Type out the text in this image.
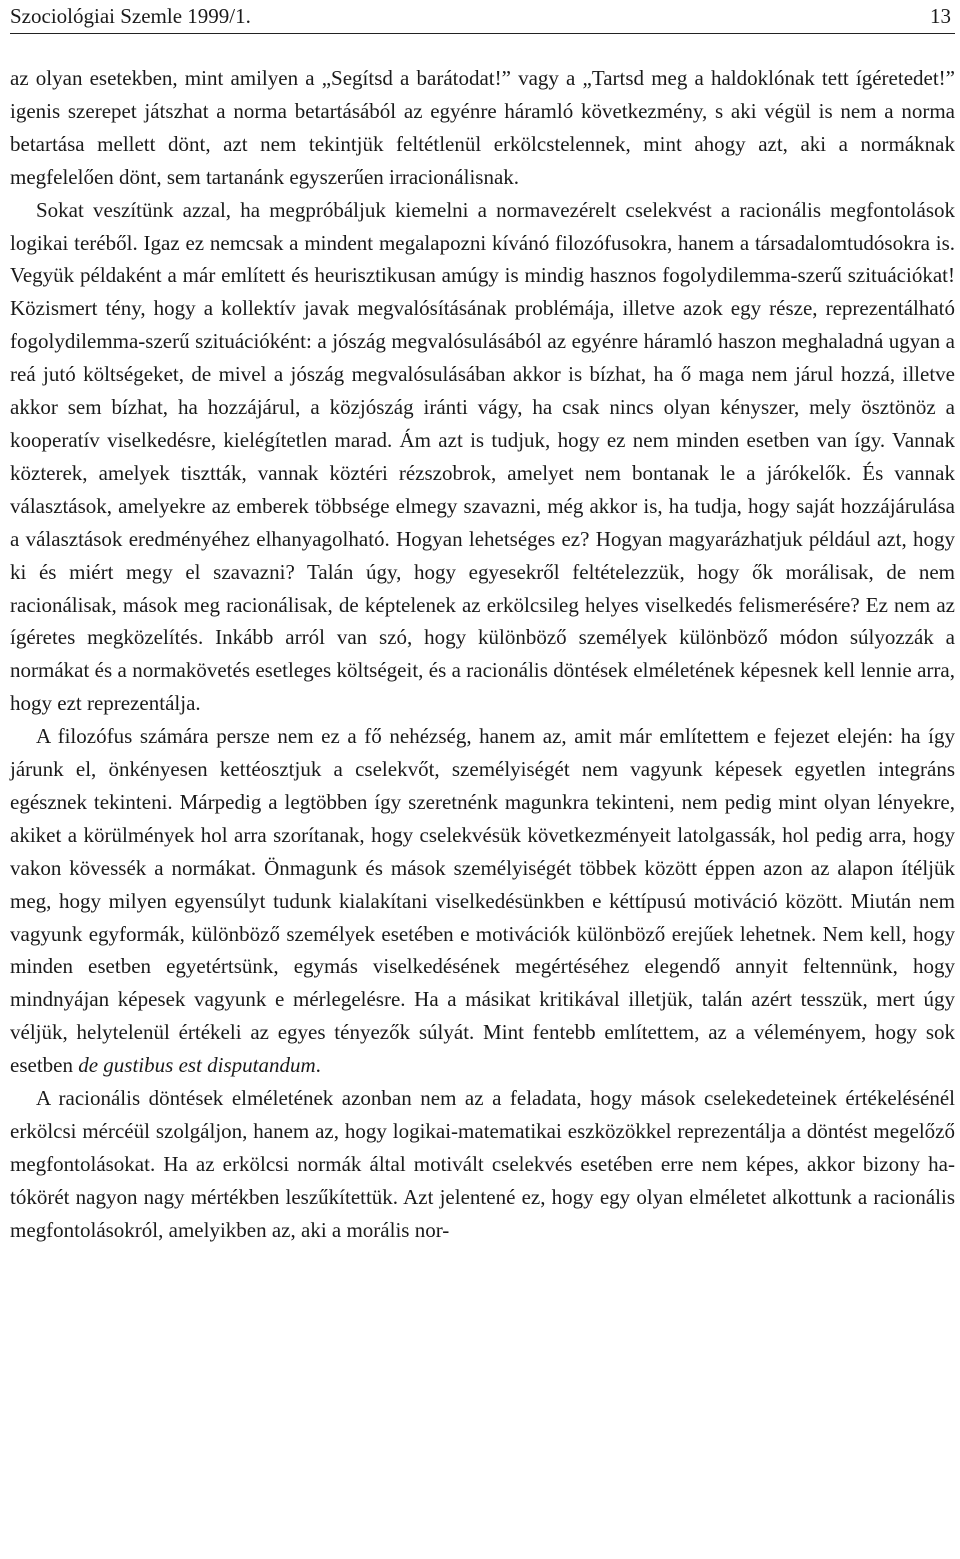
Szociológiai Szemle 1999/1.	13

az olyan esetekben, mint amilyen a „Segítsd a barátodat!” vagy a „Tartsd meg a haldoklónak tett ígéretedet!” igenis szerepet játszhat a norma betartásából az egyénre háramló következmény, s aki végül is nem a norma betartása mellett dönt, azt nem tekintjük feltétlenül erkölcstelennek, mint ahogy azt, aki a normáknak megfelelően dönt, sem tartanánk egyszerűen irracionálisnak.

Sokat veszítünk azzal, ha megpróbáljuk kiemelni a normavezérelt cselekvést a racionális megfontolások logikai teréből. Igaz ez nemcsak a mindent megalapozni kívánó filozófusokra, hanem a társadalomtudósokra is. Vegyük példaként a már említett és heurisztikusan amúgy is mindig hasznos fogolydilemma-szerű szituációkat! Közismert tény, hogy a kollektív javak megvalósításának problémája, illetve azok egy része, reprezentálható fogolydilemma-szerű szituációként: a jószág megvalósulásából az egyénre háramló haszon meghaladná ugyan a reá jutó költségeket, de mivel a jószág megvalósulásában akkor is bízhat, ha ő maga nem járul hozzá, illetve akkor sem bízhat, ha hozzájárul, a közjószág iránti vágy, ha csak nincs olyan kényszer, mely ösztönöz a kooperatív viselkedésre, kielégítetlen marad. Ám azt is tudjuk, hogy ez nem minden esetben van így. Vannak közterek, amelyek tisztták, vannak köztéri rézszobrok, amelyet nem bontanak le a járókelők. És vannak választások, amelyekre az emberek többsége elmegy szavazni, még akkor is, ha tudja, hogy saját hozzájárulása a választások eredményéhez elhanyagolható. Hogyan lehetséges ez? Hogyan magyarázhatjuk például azt, hogy ki és miért megy el szavazni? Talán úgy, hogy egyesekről feltételezzük, hogy ők morálisak, de nem racionálisak, mások meg racionálisak, de képtelenek az erkölcsileg helyes viselkedés felismerésére? Ez nem az ígéretes megközelítés. Inkább arról van szó, hogy különböző személyek különböző módon súlyozzák a normákat és a normakövetés esetleges költségeit, és a racionális döntések elméletének képesnek kell lennie arra, hogy ezt reprezentálja.

A filozófus számára persze nem ez a fő nehézség, hanem az, amit már említettem e fejezet elején: ha így járunk el, önkényesen kettéosztjuk a cselekvőt, személyiségét nem vagyunk képesek egyetlen integráns egésznek tekinteni. Márpedig a legtöbben így szeretnénk magunkra tekinteni, nem pedig mint olyan lényekre, akiket a körülmények hol arra szorítanak, hogy cselekvésük következményeit latolgassák, hol pedig arra, hogy vakon kövessék a normákat. Önmagunk és mások személyiségét többek között éppen azon az alapon ítéljük meg, hogy milyen egyensúlyt tudunk kialakítani viselkedésünkben e kéttípusú motiváció között. Miután nem vagyunk egyformák, különböző személyek esetében e motivációk különböző erejűek lehetnek. Nem kell, hogy minden esetben egyetértsünk, egymás viselkedésének megértéséhez elegendő annyit feltennünk, hogy mindnyájan képesek vagyunk e mérlegelésre. Ha a másikat kritikával illetjük, talán azért tesszük, mert úgy véljük, helytelenül értékeli az egyes tényezők súlyát. Mint fentebb említettem, az a véleményem, hogy sok esetben de gustibus est disputandum.

A racionális döntések elméletének azonban nem az a feladata, hogy mások cselekedeteinek értékelésénél erkölcsi mércéül szolgáljon, hanem az, hogy logikai-matematikai eszközökkel reprezentálja a döntést megelőző megfontolásokat. Ha az erkölcsi normák által motivált cselekvés esetében erre nem képes, akkor bizony hatókörét nagyon nagy mértékben leszűkítettük. Azt jelentené ez, hogy egy olyan elméletet alkottunk a racionális megfontolásokról, amelyikben az, aki a morális nor-
